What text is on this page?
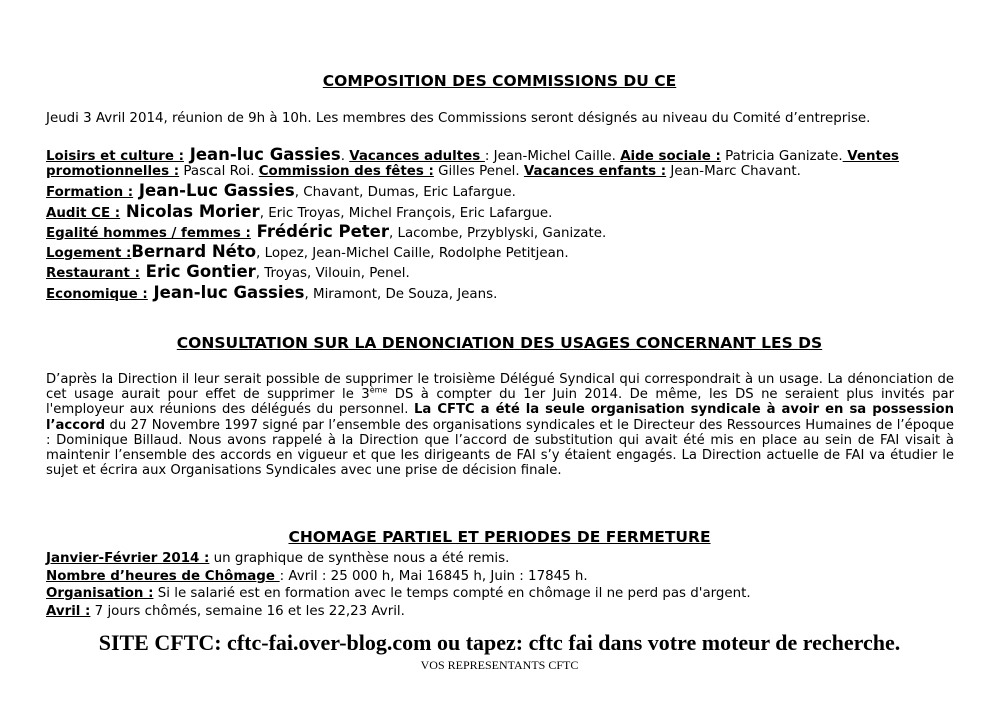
COMPOSITION DES COMMISSIONS DU CE

Jeudi 3 Avril 2014, réunion de 9h à 10h. Les membres des Commissions seront désignés au niveau du Comité d’entreprise.

Loisirs et culture : Jean-luc Gassies. Vacances adultes : Jean-Michel Caille. Aide sociale : Patricia Ganizate. Ventes

promotionnelles : Pascal Roi. Commission des fêtes : Gilles Penel. Vacances enfants : Jean-Marc Chavant.

Formation : Jean-Luc Gassies, Chavant, Dumas, Eric Lafargue.

Audit CE : Nicolas Morier, Eric Troyas, Michel François, Eric Lafargue.

Egalité hommes / femmes : Frédéric Peter, Lacombe, Przyblyski, Ganizate.

Logement :Bernard Néto, Lopez, Jean-Michel Caille, Rodolphe Petitjean.

Restaurant : Eric Gontier, Troyas, Vilouin, Penel.

Economique : Jean-luc Gassies, Miramont, De Souza, Jeans.

CONSULTATION SUR LA DENONCIATION DES USAGES CONCERNANT LES DS

D’après la Direction il leur serait possible de supprimer le troisième Délégué Syndical qui correspondrait à un usage. La dénonciation de cet usage aurait pour effet de supprimer le 3ème DS à compter du 1er Juin 2014. De même, les DS ne seraient plus invités par l'employeur aux réunions des délégués du personnel. La CFTC a été la seule organisation syndicale à avoir en sa possession l’accord du 27 Novembre 1997 signé par l’ensemble des organisations syndicales et le Directeur des Ressources Humaines de l’époque : Dominique Billaud. Nous avons rappelé à la Direction que l’accord de substitution qui avait été mis en place au sein de FAI visait à maintenir l’ensemble des accords en vigueur et que les dirigeants de FAI s’y étaient engagés. La Direction actuelle de FAI va étudier le sujet et écrira aux Organisations Syndicales avec une prise de décision finale.

CHOMAGE PARTIEL ET PERIODES DE FERMETURE

Janvier-Février 2014 : un graphique de synthèse nous a été remis.

Nombre d’heures de Chômage : Avril : 25 000 h, Mai 16845 h, Juin : 17845 h.

Organisation : Si le salarié est en formation avec le temps compté en chômage il ne perd pas d'argent.

Avril : 7 jours chômés, semaine 16 et les 22,23 Avril.

SITE CFTC: cftc-fai.over-blog.com ou tapez: cftc fai dans votre moteur de recherche.

VOS REPRESENTANTS CFTC
